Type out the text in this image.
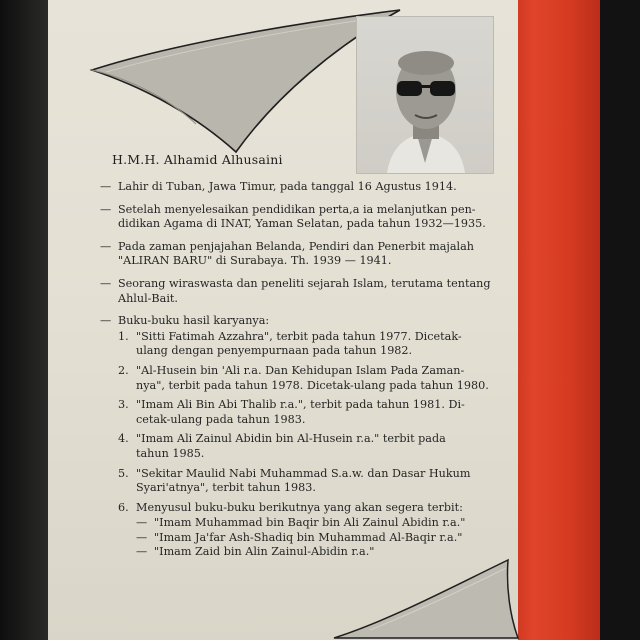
H.M.H. Alhamid Alhusaini
— Lahir di Tuban, Jawa Timur, pada tanggal 16 Agustus 1914.
— Setelah menyelesaikan pendidikan perta,a ia melanjutkan pen-
didikan Agama di INAT, Yaman Selatan, pada tahun 1932—1935.
— Pada zaman penjajahan Belanda, Pendiri dan Penerbit majalah
"ALIRAN BARU" di Surabaya. Th. 1939 — 1941.
— Seorang wiraswasta dan peneliti sejarah Islam, terutama tentang
Ahlul-Bait.
— Buku-buku hasil karyanya:
1. "Sitti Fatimah Azzahra", terbit pada tahun 1977. Dicetak-
ulang dengan penyempurnaan pada tahun 1982.
2. "Al-Husein bin 'Ali r.a. Dan Kehidupan Islam Pada Zaman-
nya", terbit pada tahun 1978. Dicetak-ulang pada tahun 1980.
3. "Imam Ali Bin Abi Thalib r.a.", terbit pada tahun 1981. Di-
cetak-ulang pada tahun 1983.
4. "Imam Ali Zainul Abidin bin Al-Husein r.a." terbit pada
tahun 1985.
5. "Sekitar Maulid Nabi Muhammad S.a.w. dan Dasar Hukum
Syari'atnya", terbit tahun 1983.
6. Menyusul buku-buku berikutnya yang akan segera terbit:
— "Imam Muhammad bin Baqir bin Ali Zainul Abidin r.a."
— "Imam Ja'far Ash-Shadiq bin Muhammad Al-Baqir r.a."
— "Imam Zaid bin Alin Zainul-Abidin r.a."
